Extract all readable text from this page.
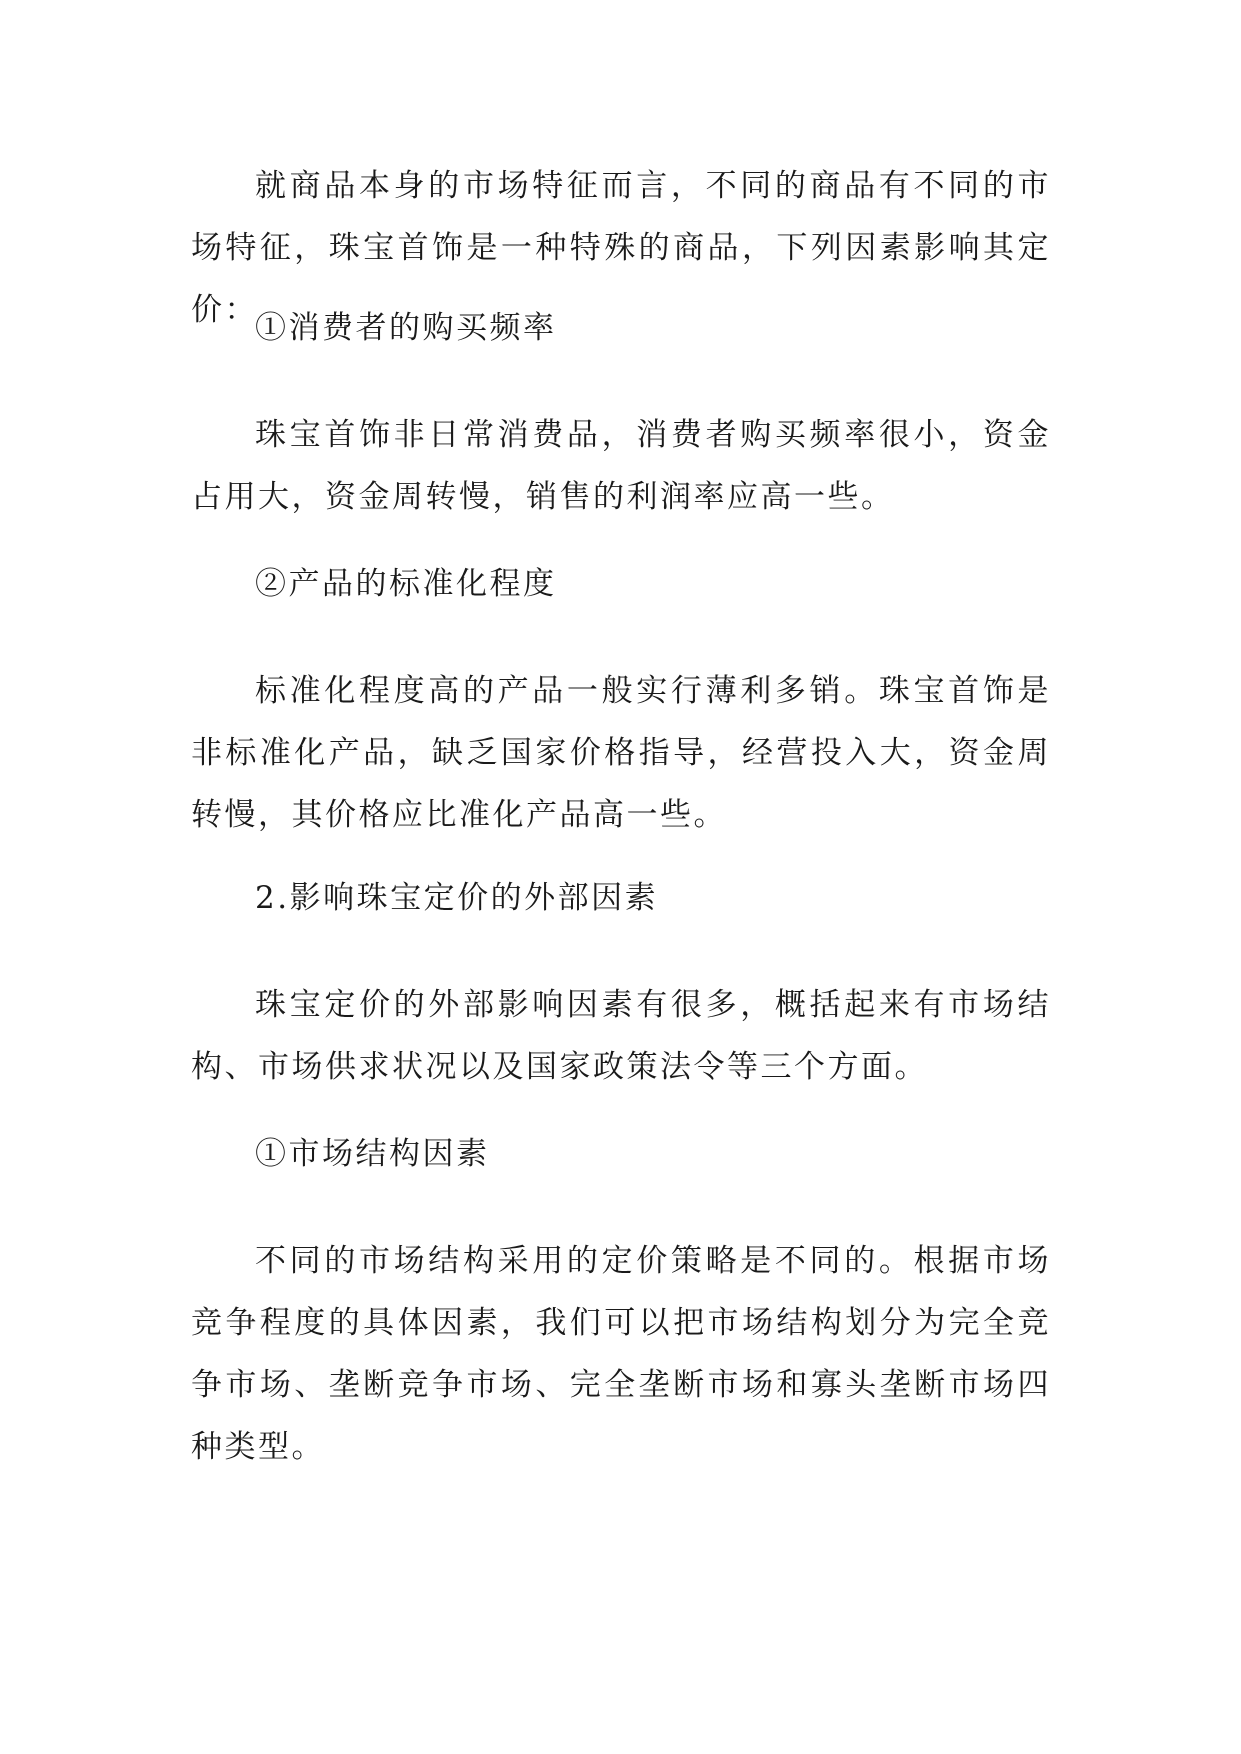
就商品本身的市场特征而言，不同的商品有不同的市场特征，珠宝首饰是一种特殊的商品，下列因素影响其定价：

①消费者的购买频率

珠宝首饰非日常消费品，消费者购买频率很小，资金占用大，资金周转慢，销售的利润率应高一些。

②产品的标准化程度

标准化程度高的产品一般实行薄利多销。珠宝首饰是非标准化产品，缺乏国家价格指导，经营投入大，资金周转慢，其价格应比准化产品高一些。

2.影响珠宝定价的外部因素

珠宝定价的外部影响因素有很多，概括起来有市场结构、市场供求状况以及国家政策法令等三个方面。

①市场结构因素

不同的市场结构采用的定价策略是不同的。根据市场竞争程度的具体因素，我们可以把市场结构划分为完全竞争市场、垄断竞争市场、完全垄断市场和寡头垄断市场四种类型。
